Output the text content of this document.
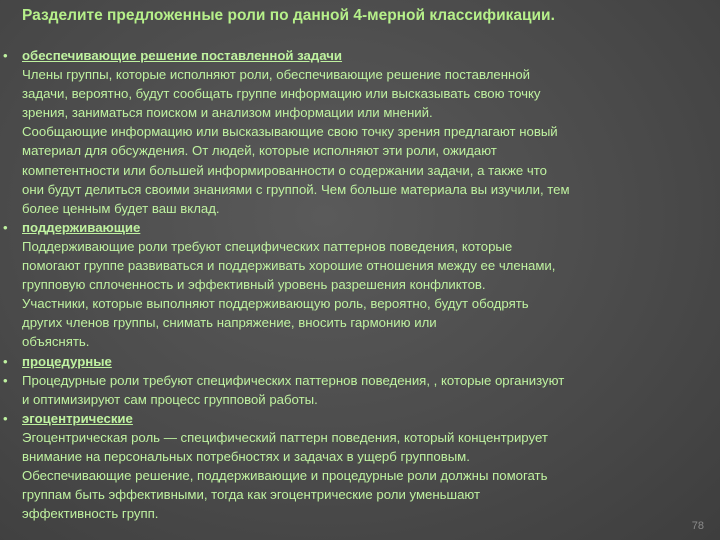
Разделите предложенные роли по данной 4-мерной классификации.
• обеспечивающие решение поставленной задачи
Члены группы, которые исполняют роли, обеспечивающие решение поставленной
задачи, вероятно, будут сообщать группе информацию или высказывать свою точку
зрения, заниматься поиском и анализом информации или мнений.
Сообщающие информацию или высказывающие свою точку зрения предлагают новый
материал для обсуждения. От людей, которые исполняют эти роли, ожидают
компетентности или большей информированности о содержании задачи, а также что
они будут делиться своими знаниями с группой. Чем больше материала вы изучили, тем
более ценным будет ваш вклад.
• поддерживающие
Поддерживающие роли требуют специфических паттернов поведения, которые
помогают группе развиваться и поддерживать хорошие отношения между ее членами,
групповую сплоченность и эффективный уровень разрешения конфликтов.
Участники, которые выполняют поддерживающую роль, вероятно, будут ободрять
других членов группы, снимать напряжение, вносить гармонию или
объяснять.
• процедурные
• Процедурные роли требуют специфических паттернов поведения, , которые организуют
и оптимизируют сам процесс групповой работы.
• эгоцентрические
Эгоцентрическая роль — специфический паттерн поведения, который концентрирует
внимание на персональных потребностях и задачах в ущерб групповым.
Обеспечивающие решение, поддерживающие и процедурные роли должны помогать
группам быть эффективными, тогда как эгоцентрические роли уменьшают
эффективность групп.
78
